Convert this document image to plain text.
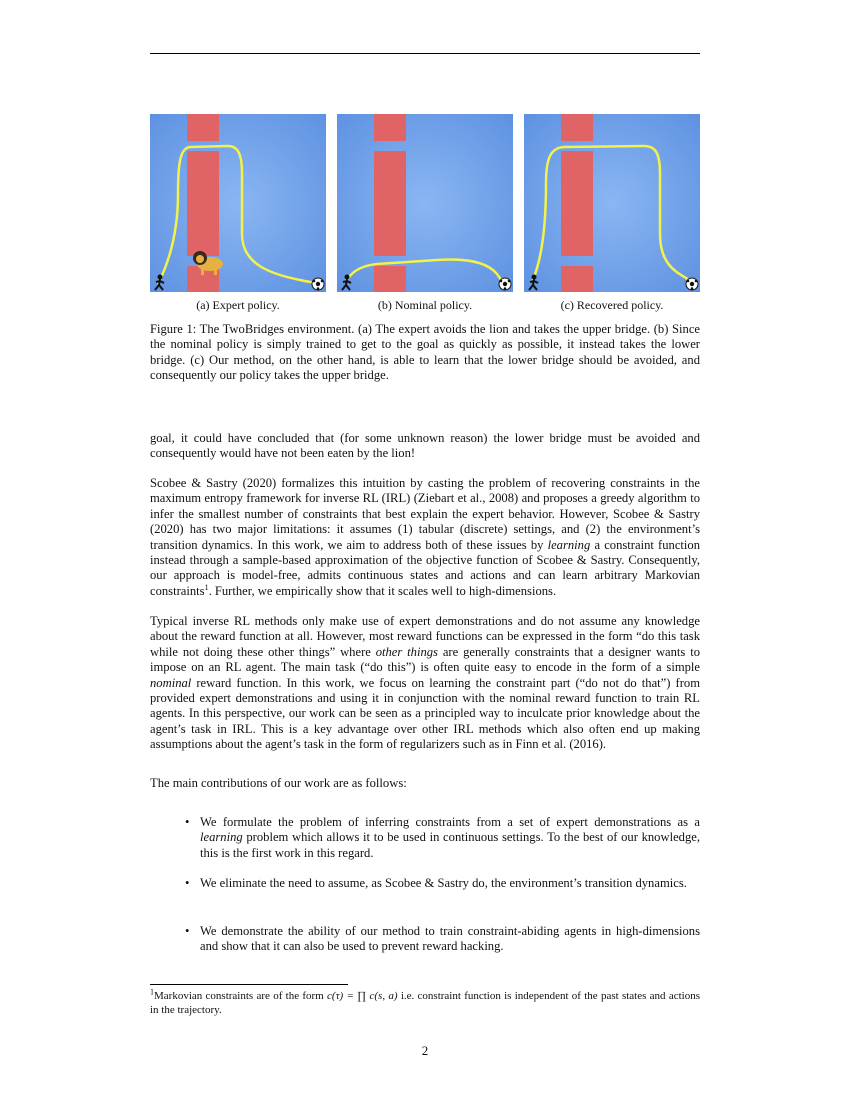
(a) Expert policy.	(b) Nominal policy.	(c) Recovered policy.

Figure 1: The TwoBridges environment. (a) The expert avoids the lion and takes the upper bridge. (b) Since the nominal policy is simply trained to get to the goal as quickly as possible, it instead takes the lower bridge. (c) Our method, on the other hand, is able to learn that the lower bridge should be avoided, and consequently our policy takes the upper bridge.

goal, it could have concluded that (for some unknown reason) the lower bridge must be avoided and consequently would have not been eaten by the lion!

Scobee & Sastry (2020) formalizes this intuition by casting the problem of recovering constraints in the maximum entropy framework for inverse RL (IRL) (Ziebart et al., 2008) and proposes a greedy algorithm to infer the smallest number of constraints that best explain the expert behavior. However, Scobee & Sastry (2020) has two major limitations: it assumes (1) tabular (discrete) settings, and (2) the environment’s transition dynamics. In this work, we aim to address both of these issues by learning a constraint function instead through a sample-based approximation of the objective function of Scobee & Sastry. Consequently, our approach is model-free, admits continuous states and actions and can learn arbitrary Markovian constraints$^1$. Further, we empirically show that it scales well to high-dimensions.

Typical inverse RL methods only make use of expert demonstrations and do not assume any knowledge about the reward function at all. However, most reward functions can be expressed in the form “do this task while not doing these other things” where other things are generally constraints that a designer wants to impose on an RL agent. The main task (“do this”) is often quite easy to encode in the form of a simple nominal reward function. In this work, we focus on learning the constraint part (“do not do that”) from provided expert demonstrations and using it in conjunction with the nominal reward function to train RL agents. In this perspective, our work can be seen as a principled way to inculcate prior knowledge about the agent’s task in IRL. This is a key advantage over other IRL methods which also often end up making assumptions about the agent’s task in the form of regularizers such as in Finn et al. (2016).

The main contributions of our work are as follows:

• We formulate the problem of inferring constraints from a set of expert demonstrations as a learning problem which allows it to be used in continuous settings. To the best of our knowledge, this is the first work in this regard.
• We eliminate the need to assume, as Scobee & Sastry do, the environment’s transition dynamics.
• We demonstrate the ability of our method to train constraint-abiding agents in high-dimensions and show that it can also be used to prevent reward hacking.
$^1$Markovian constraints are of the form c(τ) = ∏ c(s, a) i.e. constraint function is independent of the past states and actions in the trajectory.
2
